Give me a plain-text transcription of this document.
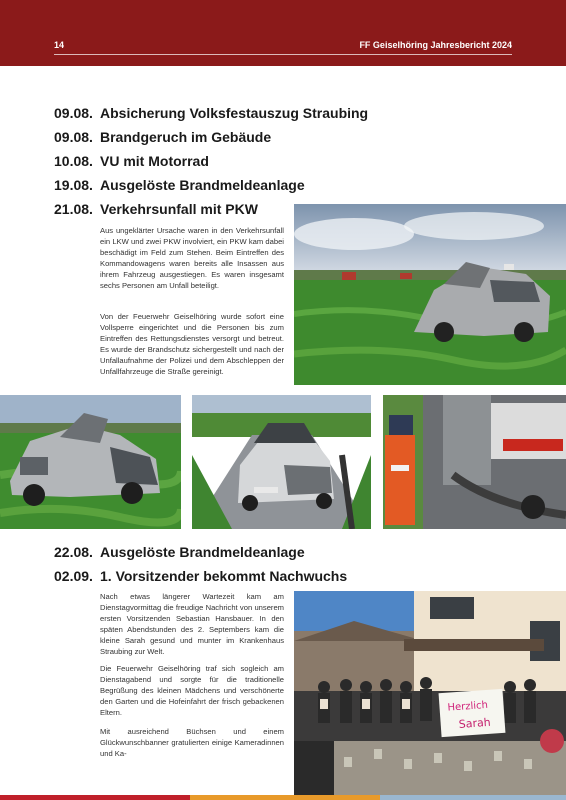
14	FF Geiselhöring Jahresbericht 2024
09.08. Absicherung Volksfestauszug Straubing
09.08. Brandgeruch im Gebäude
10.08. VU mit Motorrad
19.08. Ausgelöste Brandmeldeanlage
21.08. Verkehrsunfall mit PKW

Aus ungeklärter Ursache waren in den Verkehrsunfall ein LKW und zwei PKW involviert, ein PKW kam dabei beschädigt im Feld zum Stehen. Beim Eintreffen des Kommandowagens waren bereits alle Insassen aus ihrem Fahrzeug ausgestiegen. Es waren insgesamt sechs Personen am Unfall beteiligt.

Von der Feuerwehr Geiselhöring wurde sofort eine Vollsperre eingerichtet und die Personen bis zum Eintreffen des Rettungsdienstes versorgt und betreut. Es wurde der Brandschutz sichergestellt und nach der Unfallaufnahme der Polizei und dem Abschleppen der Unfallfahrzeuge die Straße gereinigt.

22.08. Ausgelöste Brandmeldeanlage
02.09. 1. Vorsitzender bekommt Nachwuchs

Nach etwas längerer Wartezeit kam am Dienstagvormittag die freudige Nachricht von unserem ersten Vorsitzenden Sebastian Hansbauer. In den späten Abendstunden des 2. Septembers kam die kleine Sarah gesund und munter im Krankenhaus Straubing zur Welt.

Die Feuerwehr Geiselhöring traf sich sogleich am Dienstagabend und sorgte für die traditionelle Begrüßung des kleinen Mädchens und verschönerte den Garten und die Hofeinfahrt der frisch gebackenen Eltern.

Mit ausreichend Büchsen und einem Glückwunschbanner gratulierten einige Kameradinnen und Ka-

Herzlich
Sarah
